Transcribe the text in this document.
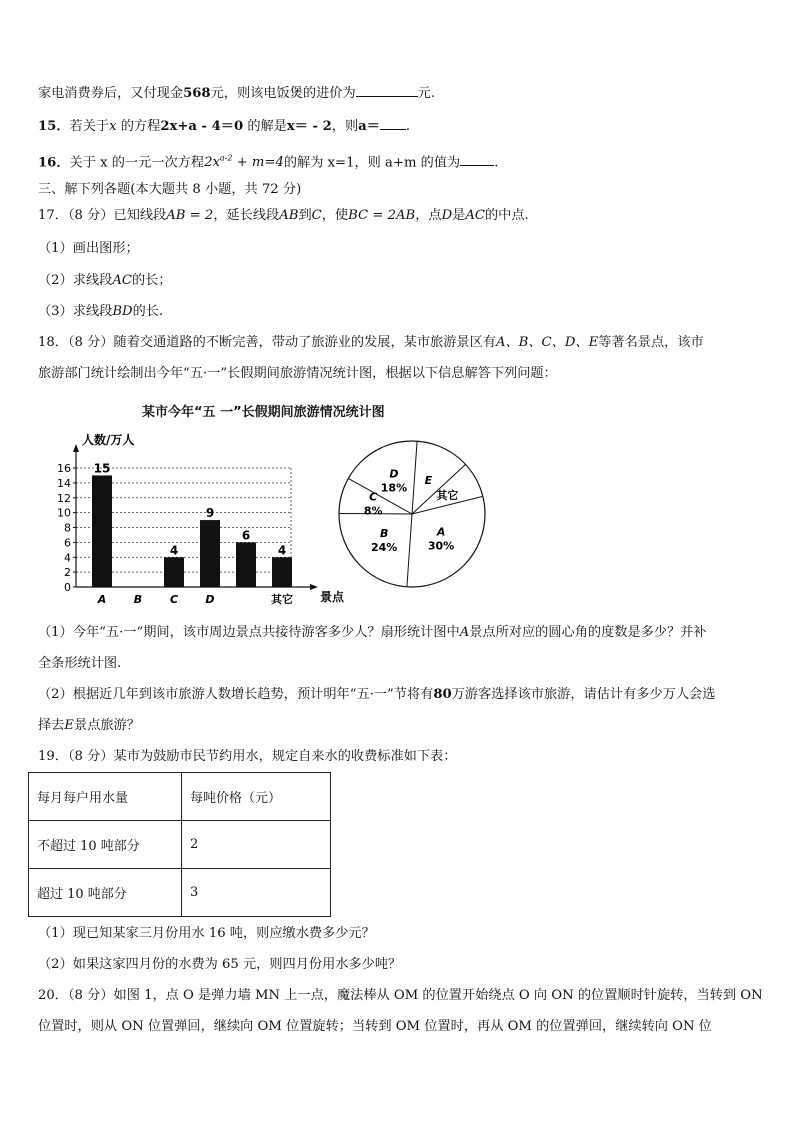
家电消费券后，又付现金568元，则该电饭煲的进价为	元.
15．若关于x 的方程2x+a - 4＝0 的解是x＝ - 2，则a＝ .
16．关于 x 的一元一次方程$2x^{a-2} + m=4$的解为 x=1，则 a+m 的值为	.
三、解下列各题(本大题共 8 小题，共 72 分)
17．（8 分）已知线段AB = 2，延长线段AB到C，使BC = 2AB，点D是AC的中点.
（1）画出图形；
（2）求线段AC的长；
（3）求线段BD的长.
18．（8 分）随着交通道路的不断完善，带动了旅游业的发展，某市旅游景区有A、B、C、D、E等著名景点，该市
旅游部门统计绘制出今年“五·一”长假期间旅游情况统计图，根据以下信息解答下列问题：
某市今年“五 一”长假期间旅游情况统计图
0
2
4
6
8
10
12
14
16
人数/万人
景点
15
4
9
6
4
A	B	C D	其它
E
其它
A
30%
B
24%
C
8%
D
18%
（1）今年“五·一”期间，该市周边景点共接待游客多少人？扇形统计图中A景点所对应的圆心角的度数是多少？并补
全条形统计图.
（2）根据近几年到该市旅游人数增长趋势，预计明年“五·一”节将有80万游客选择该市旅游，请估计有多少万人会选
择去E景点旅游？
19．（8 分）某市为鼓励市民节约用水，规定自来水的收费标准如下表：
每月每户用水量	每吨价格（元）
不超过 10 吨部分	2
超过 10 吨部分	3
（1）现已知某家三月份用水 16 吨，则应缴水费多少元？
（2）如果这家四月份的水费为 65 元，则四月份用水多少吨？
20．（8 分）如图 1，点 O 是弹力墙 MN 上一点，魔法棒从 OM 的位置开始绕点 O 向 ON 的位置顺时针旋转，当转到 ON
位置时，则从 ON 位置弹回，继续向 OM 位置旋转；当转到 OM 位置时，再从 OM 的位置弹回，继续转向 ON 位
